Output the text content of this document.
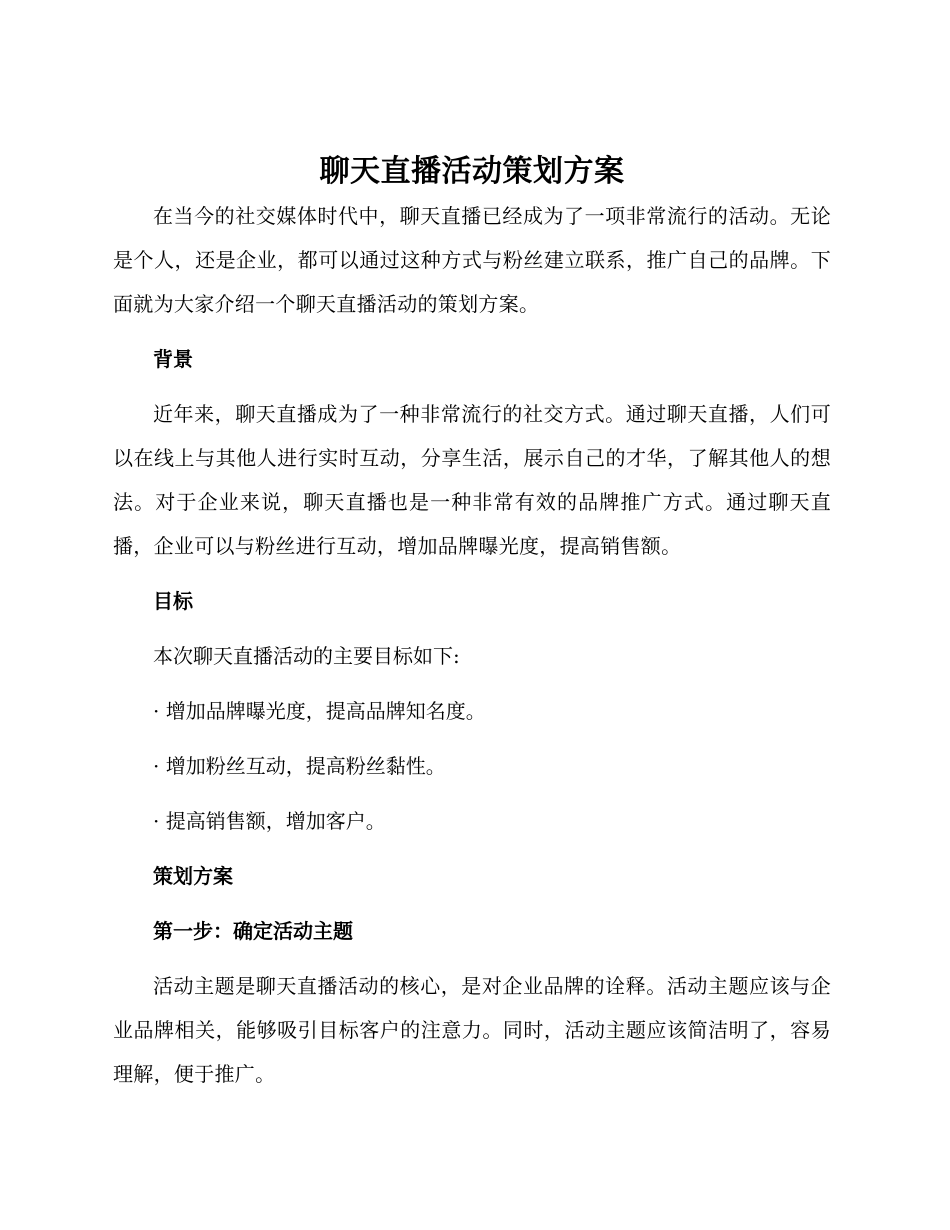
聊天直播活动策划方案

在当今的社交媒体时代中，聊天直播已经成为了一项非常流行的活动。无论是个人，还是企业，都可以通过这种方式与粉丝建立联系，推广自己的品牌。下面就为大家介绍一个聊天直播活动的策划方案。

背景

近年来，聊天直播成为了一种非常流行的社交方式。通过聊天直播，人们可以在线上与其他人进行实时互动，分享生活，展示自己的才华，了解其他人的想法。对于企业来说，聊天直播也是一种非常有效的品牌推广方式。通过聊天直播，企业可以与粉丝进行互动，增加品牌曝光度，提高销售额。

目标
本次聊天直播活动的主要目标如下:
· 增加品牌曝光度，提高品牌知名度。
· 增加粉丝互动，提高粉丝黏性。
· 提高销售额，增加客户。
策划方案
第一步：确定活动主题

活动主题是聊天直播活动的核心，是对企业品牌的诠释。活动主题应该与企业品牌相关，能够吸引目标客户的注意力。同时，活动主题应该简洁明了，容易理解，便于推广。
